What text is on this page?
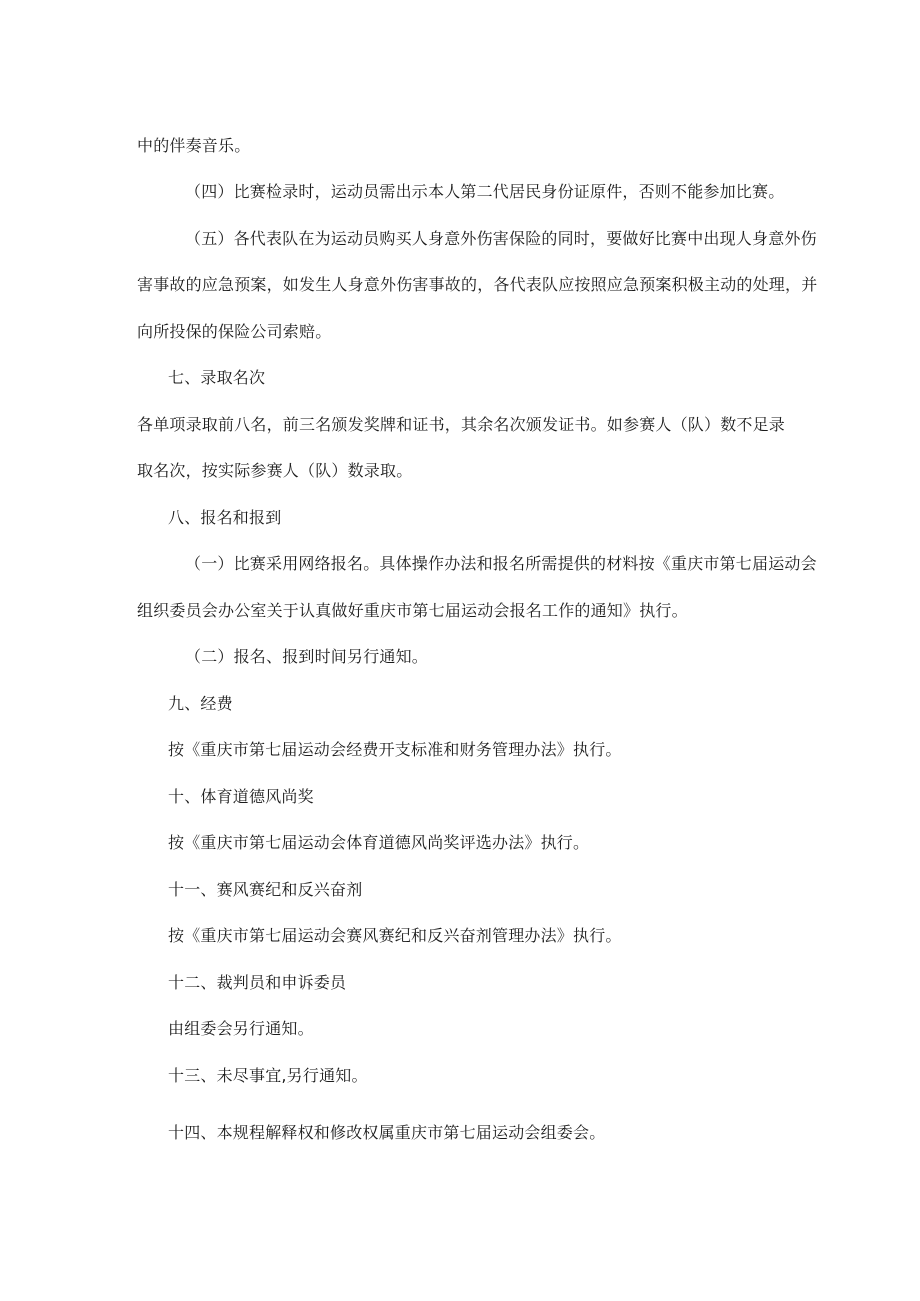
中的伴奏音乐。
（四）比赛检录时，运动员需出示本人第二代居民身份证原件，否则不能参加比赛。
（五）各代表队在为运动员购买人身意外伤害保险的同时，要做好比赛中出现人身意外伤
害事故的应急预案，如发生人身意外伤害事故的，各代表队应按照应急预案积极主动的处理，并
向所投保的保险公司索赔。
七、录取名次
各单项录取前八名，前三名颁发奖牌和证书，其余名次颁发证书。如参赛人（队）数不足录
取名次，按实际参赛人（队）数录取。
八、报名和报到
（一）比赛采用网络报名。具体操作办法和报名所需提供的材料按《重庆市第七届运动会
组织委员会办公室关于认真做好重庆市第七届运动会报名工作的通知》执行。
（二）报名、报到时间另行通知。
九、经费
按《重庆市第七届运动会经费开支标准和财务管理办法》执行。
十、体育道德风尚奖
按《重庆市第七届运动会体育道德风尚奖评选办法》执行。
十一、赛风赛纪和反兴奋剂
按《重庆市第七届运动会赛风赛纪和反兴奋剂管理办法》执行。
十二、裁判员和申诉委员
由组委会另行通知。
十三、未尽事宜,另行通知。
十四、本规程解释权和修改权属重庆市第七届运动会组委会。
